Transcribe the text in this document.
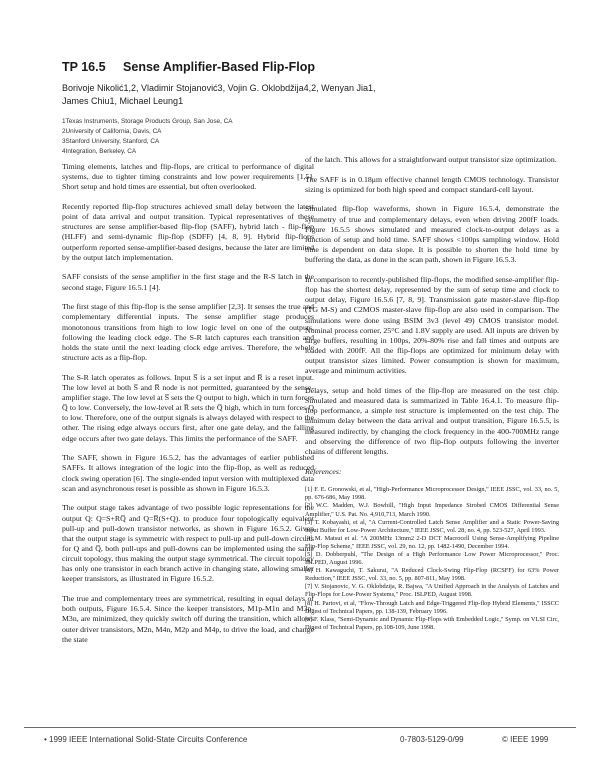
TP 16.5 Sense Amplifier-Based Flip-Flop
Borivoje Nikolić1,2, Vladimir Stojanović3, Vojin G. Oklobdžija4,2, Wenyan Jia1, James Chiu1, Michael Leung1
1Texas Instruments, Storage Products Group, San Jose, CA
2University of California, Davis, CA
3Stanford University, Stanford, CA
4Integration, Berkeley, CA

Timing elements, latches and flip-flops, are critical to performance of digital systems, due to tighter timing constraints and low power requirements [1,5]. Short setup and hold times are essential, but often overlooked.

Recently reported flip-flop structures achieved small delay between the latest point of data arrival and output transition. Typical representatives of these structures are sense amplifier-based flip-flop (SAFF), hybrid latch - flip-flop (HLFF) and semi-dynamic flip-flop (SDFF) [4, 8, 9]. Hybrid flip-flops outperform reported sense-amplifier-based designs, because the later are limited by the output latch implementation.

SAFF consists of the sense amplifier in the first stage and the R-S latch in the second stage, Figure 16.5.1 [4].

The first stage of this flip-flop is the sense amplifier [2,3]. It senses the true and complementary differential inputs. The sense amplifier stage produces monotonous transitions from high to low logic level on one of the outputs, following the leading clock edge. The S-R latch captures each transition and holds the state until the next leading clock edge arrives. Therefore, the whole structure acts as a flip-flop.

The S-R latch operates as follows. Input S̅ is a set input and R̅ is a reset input. The low level at both S̅ and R̅ node is not permitted, guaranteed by the sense-amplifier stage. The low level at S̅ sets the Q output to high, which in turn forces Q̅ to low. Conversely, the low-level at R̅ sets the Q̅ high, which in turn forces Q to low. Therefore, one of the output signals is always delayed with respect to the other. The rising edge always occurs first, after one gate delay, and the falling edge occurs after two gate delays. This limits the performance of the SAFF.

The SAFF, shown in Figure 16.5.2, has the advantages of earlier published SAFFs. It allows integration of the logic into the flip-flop, as well as reduced clock swing operation [6]. The single-ended input version with multiplexed data scan and asynchronous reset is possible as shown in Figure 16.5.3.

The output stage takes advantage of two possible logic representations for the output Q: Q=S+RQ̅ and Q=R̅(S+Q). to produce four topologically equivalent pull-up and pull-down transistor networks, as shown in Figure 16.5.2. Given that the output stage is symmetric with respect to pull-up and pull-down circuits for Q and Q̅, both pull-ups and pull-downs can be implemented using the same circuit topology, thus making the output stage symmetrical. The circuit topology has only one transistor in each branch active in changing state, allowing smaller keeper transistors, as illustrated in Figure 16.5.2.

The true and complementary trees are symmetrical, resulting in equal delays of both outputs, Figure 16.5.4. Since the keeper transistors, M1p-M1n and M3p-M3n, are minimized, they quickly switch off during the transition, which allows outer driver transistors, M2n, M4n, M2p and M4p, to drive the load, and change the state

of the latch. This allows for a straightforward output transistor size optimization.

The SAFF is in 0.18μm effective channel length CMOS technology. Transistor sizing is optimized for both high speed and compact standard-cell layout.

Simulated flip-flop waveforms, shown in Figure 16.5.4, demonstrate the symmetry of true and complementary delays, even when driving 200fF loads. Figure 16.5.5 shows simulated and measured clock-to-output delays as a function of setup and hold time. SAFF shows <100ps sampling window. Hold time is dependent on data slope. It is possible to shorten the hold time by buffering the data, as done in the scan path, shown in Figure 16.5.3.

In comparison to recently-published flip-flops, the modified sense-amplifier flip-flop has the shortest delay, represented by the sum of setup time and clock to output delay, Figure 16.5.6 [7, 8, 9]. Transmission gate master-slave flip-flop (TG M-S) and C2MOS master-slave flip-flop are also used in comparison. The simulations were done using BSIM 3v3 (level 49) CMOS transistor model. Nominal process corner, 25°C and 1.8V supply are used. All inputs are driven by large buffers, resulting in 100ps, 20%-80% rise and fall times and outputs are loaded with 200fF. All the flip-flops are optimized for minimum delay with output transistor sizes limited. Power consumption is shown for maximum, average and minimum activities.

Delays, setup and hold times of the flip-flop are measured on the test chip. Simulated and measured data is summarized in Table 16.4.1. To measure flip-flop performance, a simple test structure is implemented on the test chip. The minimum delay between the data arrival and output transition, Figure 16.5.5, is measured indirectly, by changing the clock frequency in the 400-700MHz range and observing the difference of two flip-flop outputs following the inverter chains of different lengths.

References:

[1] F. E. Gronowski, et al, "High-Performance Microprocessor Design," IEEE JSSC, vol. 33, no. 5, pp. 676-686, May 1998.
[2] W.C. Madden, W.J. Bowhill, "High Input Impedance Strobed CMOS Differential Sense Amplifier," U.S. Pat. No. 4,910,713, March 1990.
[3] T. Kobayashi, et al, "A Current-Controlled Latch Sense Amplifier and a Static Power-Saving Input Buffer for Low-Power Architecture," IEEE JSSC, vol. 28, no. 4, pp. 523-527, April 1993.
[4] M. Matsui et al. "A 200MHz 13mm2 2-D DCT Macrocell Using Sense-Amplifying Pipeline Flip-Flop Scheme," IEEE JSSC, vol. 29, no. 12, pp. 1482-1490, December 1994.
[5] D. Dobberpuhl, "The Design of a High Performance Low Power Microprocessor," Proc. ISLPED, August 1996.
[6] H. Kawaguchi, T. Sakurai, "A Reduced Clock-Swing Flip-Flop (RCSFF) for 63% Power Reduction," IEEE JSSC, vol. 33, no. 5, pp. 807-811, May 1998.
[7] V. Stojanovic, V. G. Oklobdzija, R. Bajwa, "A Unified Approach in the Analysis of Latches and Flip-Flops for Low-Power Systems," Proc. ISLPED, August 1998.
[8] H. Partovi, et al, "Flow-Through Latch and Edge-Triggered Flip-flop Hybrid Elements," ISSCC Digest of Technical Papers, pp. 138-139, February 1996.
[9] F. Klass, "Semi-Dynamic and Dynamic Flip-Flops with Embedded Logic," Symp. on VLSI Circ, Digest of Technical Papers, pp.108-109, June 1998.
• 1999 IEEE International Solid-State Circuits Conference	0-7803-5129-0/99	© IEEE 1999
